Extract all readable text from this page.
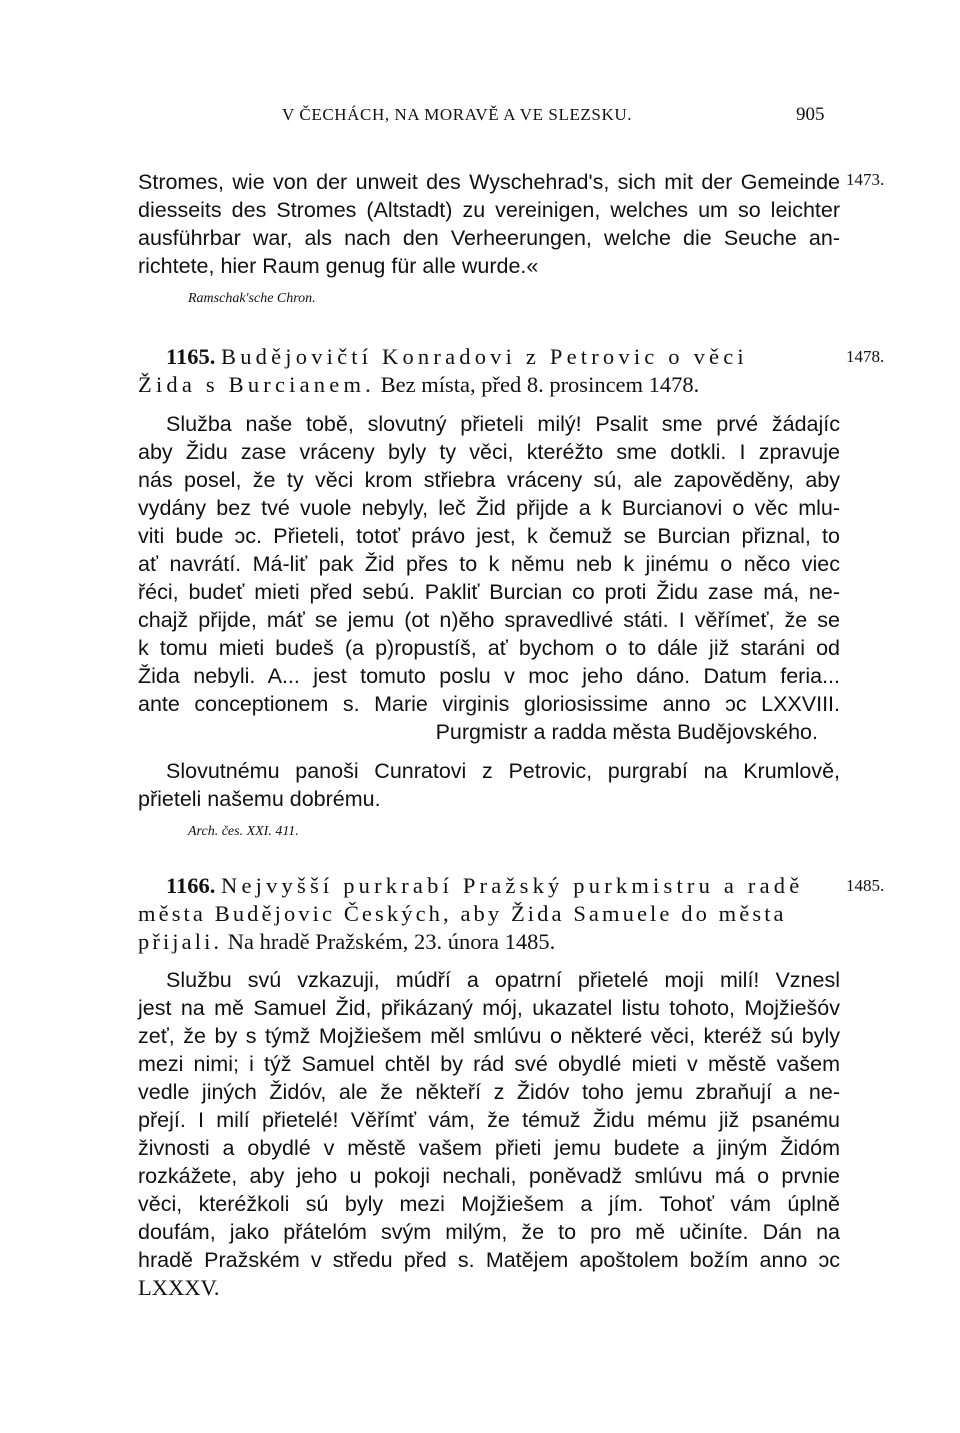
V ČECHÁCH, NA MORAVĚ A VE SLEZSKU.	905
1473.
Stromes, wie von der unweit des Wyschehrad's, sich mit der Gemeinde
diesseits des Stromes (Altstadt) zu vereinigen, welches um so leichter
ausführbar war, als nach den Verheerungen, welche die Seuche an-
richtete, hier Raum genug für alle wurde.«
Ramschak'sche Chron.
1478.
1165. Budějovičtí Konradovi z Petrovic o věci
Žida s Burcianem. Bez místa, před 8. prosincem 1478.
Služba naše tobě, slovutný přieteli milý! Psalit sme prvé žádajíc
aby Židu zase vráceny byly ty věci, kteréžto sme dotkli. I zpravuje
nás posel, že ty věci krom střiebra vráceny sú, ale zapověděny, aby
vydány bez tvé vuole nebyly, leč Žid přijde a k Burcianovi o věc mlu-
viti bude ɔc. Přieteli, totoť právo jest, k čemuž se Burcian přiznal, to
ať navrátí. Má-liť pak Žid přes to k němu neb k jinému o něco viec
řéci, budeť mieti před sebú. Pakliť Burcian co proti Židu zase má, ne-
chajž přijde, máť se jemu (ot n)ěho spravedlivé státi. I věřímeť, že se
k tomu mieti budeš (a p)ropustíš, ať bychom o to dále již staráni od
Žida nebyli. A... jest tomuto poslu v moc jeho dáno. Datum feria...
ante conceptionem s. Marie virginis gloriosissime anno ɔc LXXVIII.
Purgmistr a radda města Budějovského.
Slovutnému panoši Cunratovi z Petrovic, purgrabí na Krumlově,
přieteli našemu dobrému.
Arch. čes. XXI. 411.
1485.
1166. Nejvyšší purkrabí Pražský purkmistru a radě
města Budějovic Českých, aby Žida Samuele do města
přijali. Na hradě Pražském, 23. února 1485.
Službu svú vzkazuji, múdří a opatrní přietelé moji milí! Vznesl
jest na mě Samuel Žid, přikázaný mój, ukazatel listu tohoto, Mojžiešóv
zeť, že by s týmž Mojžiešem měl smlúvu o některé věci, kteréž sú byly
mezi nimi; i týž Samuel chtěl by rád své obydlé mieti v městě vašem
vedle jiných Židóv, ale že někteří z Židóv toho jemu zbraňují a ne-
přejí. I milí přietelé! Věřímť vám, že témuž Židu mému již psanému
živnosti a obydlé v městě vašem přieti jemu budete a jiným Židóm
rozkážete, aby jeho u pokoji nechali, poněvadž smlúvu má o prvnie
věci, kteréžkoli sú byly mezi Mojžiešem a jím. Tohoť vám úplně
doufám, jako přátelóm svým milým, že to pro mě učiníte. Dán na
hradě Pražském v středu před s. Matějem apoštolem božím anno ɔc
LXXXV.
